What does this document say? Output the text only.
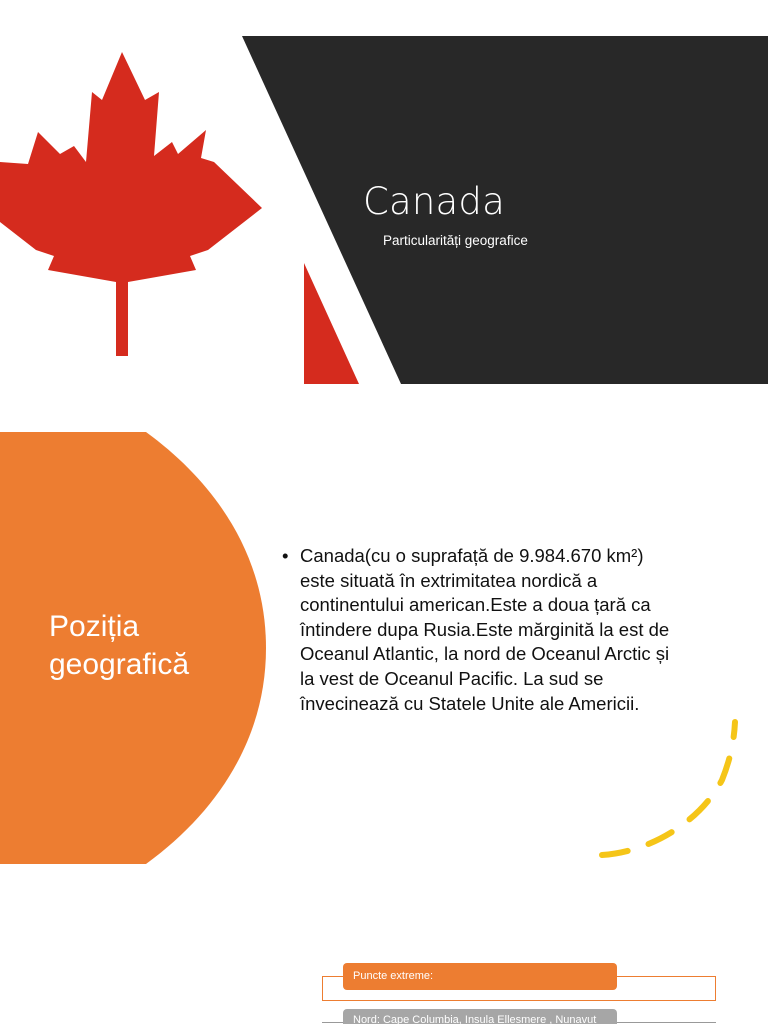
Canada
Particularități geografice
Poziția
geografică
• Canada(cu o suprafață de 9.984.670 km²)
este situată în extrimitatea nordică a
continentului american.Este a doua țară ca
întindere dupa Rusia.Este mărginită la est de
Oceanul Atlantic, la nord de Oceanul Arctic și
la vest de Oceanul Pacific. La sud se
învecinează cu Statele Unite ale Americii.
Puncte extreme:
Nord: Cape Columbia, Insula Ellesmere , Nunavut
